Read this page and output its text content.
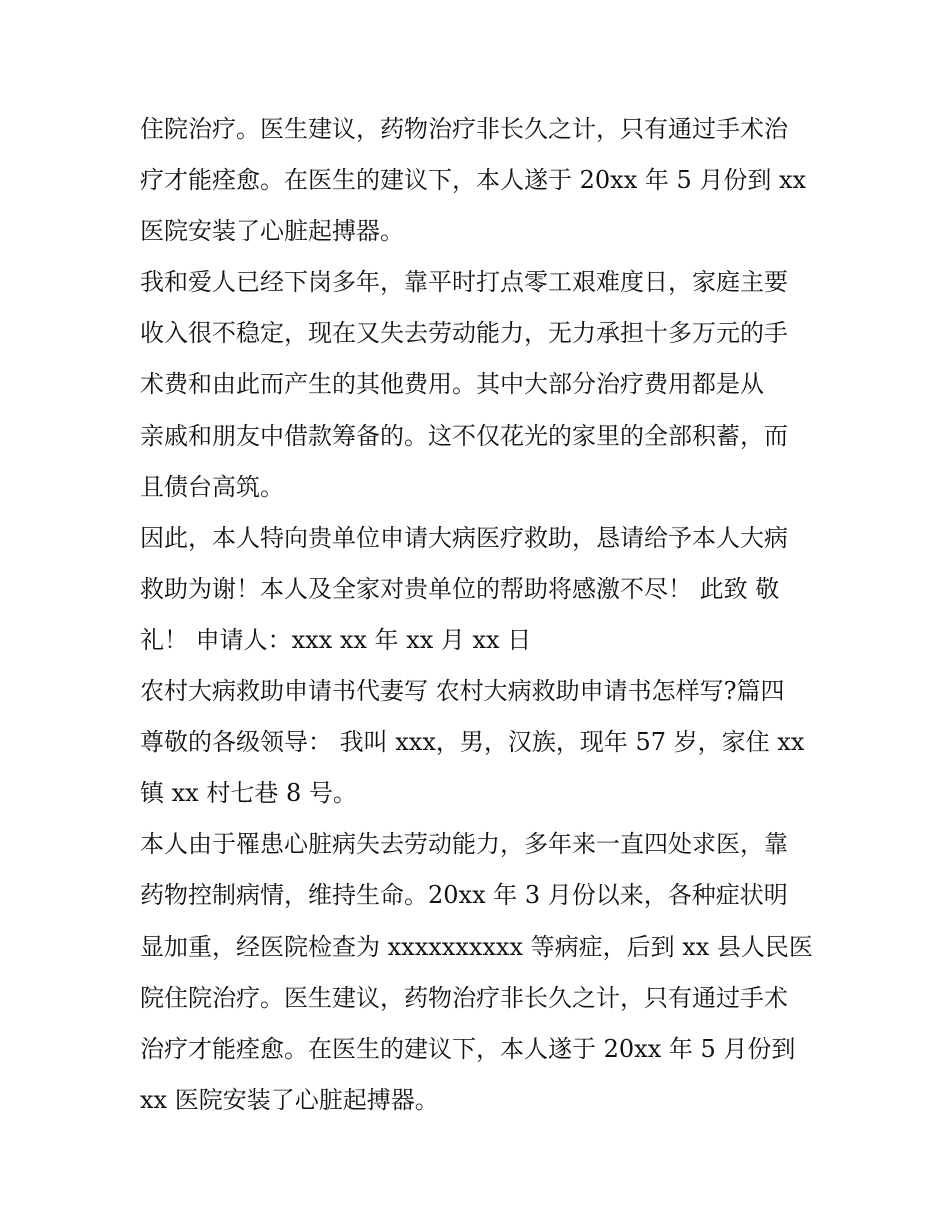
住院治疗。医生建议，药物治疗非长久之计，只有通过手术治
疗才能痊愈。在医生的建议下，本人遂于 20xx 年 5 月份到 xx
医院安装了心脏起搏器。
我和爱人已经下岗多年，靠平时打点零工艰难度日，家庭主要
收入很不稳定，现在又失去劳动能力，无力承担十多万元的手
术费和由此而产生的其他费用。其中大部分治疗费用都是从
亲戚和朋友中借款筹备的。这不仅花光的家里的全部积蓄，而
且债台高筑。
因此，本人特向贵单位申请大病医疗救助，恳请给予本人大病
救助为谢！本人及全家对贵单位的帮助将感激不尽！ 此致 敬
礼！ 申请人：xxx xx 年 xx 月 xx 日
农村大病救助申请书代妻写 农村大病救助申请书怎样写?篇四
尊敬的各级领导： 我叫 xxx，男，汉族，现年 57 岁，家住 xx
镇 xx 村七巷 8 号。
本人由于罹患心脏病失去劳动能力，多年来一直四处求医，靠
药物控制病情，维持生命。20xx 年 3 月份以来，各种症状明
显加重，经医院检查为 xxxxxxxxxx 等病症，后到 xx 县人民医
院住院治疗。医生建议，药物治疗非长久之计，只有通过手术
治疗才能痊愈。在医生的建议下，本人遂于 20xx 年 5 月份到
xx 医院安装了心脏起搏器。
